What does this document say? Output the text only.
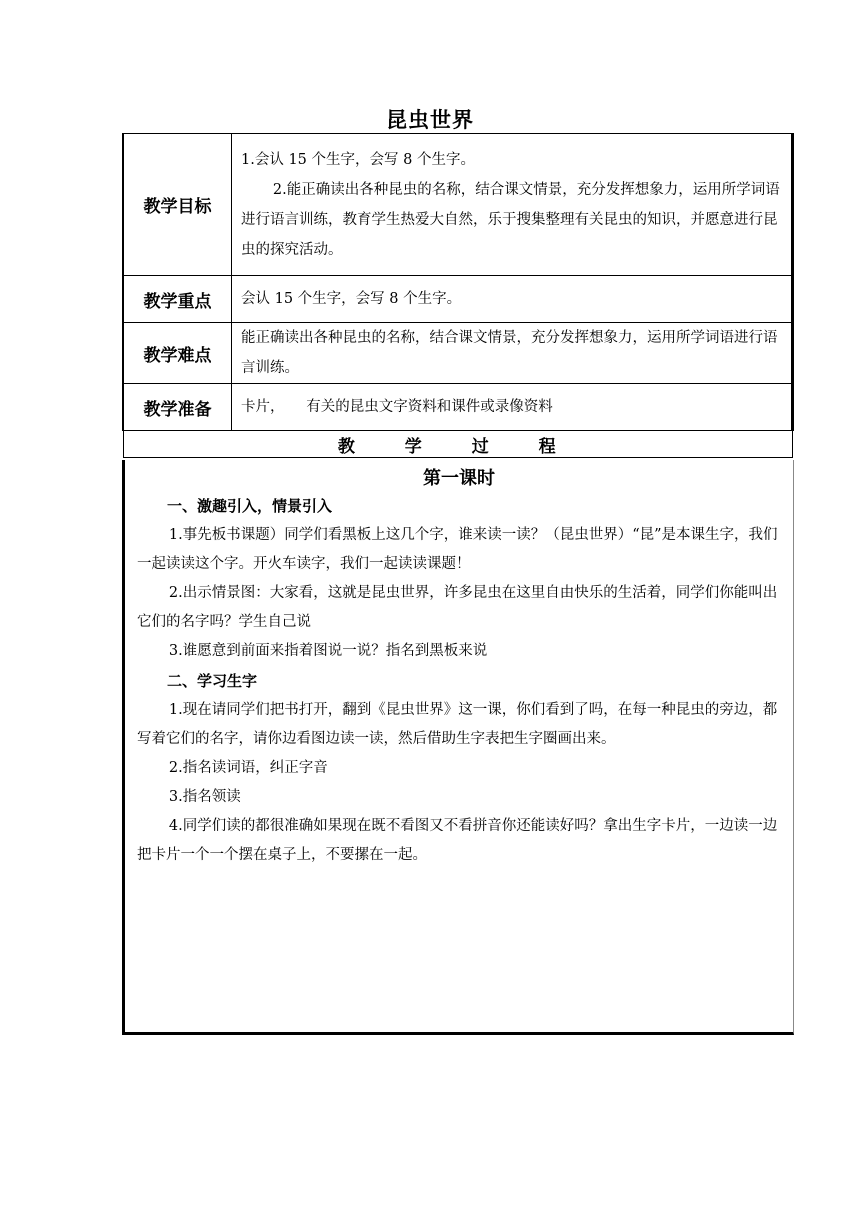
昆虫世界
教学目标	1.会认 15 个生字，会写 8 个生字。
2.能正确读出各种昆虫的名称，结合课文情景，充分发挥想象力，运用所学词语进行语言训练，教育学生热爱大自然，乐于搜集整理有关昆虫的知识，并愿意进行昆虫的探究活动。

教学重点	会认 15 个生字，会写 8 个生字。
教学难点	能正确读出各种昆虫的名称，结合课文情景，充分发挥想象力，运用所学词语进行语言训练。
教学准备	卡片，　　有关的昆虫文字资料和课件或录像资料
教 学 过 程	
第一课时
一、激趣引入，情景引入
1.事先板书课题）同学们看黑板上这几个字，谁来读一读？（昆虫世界）“昆”是本课生字，我们一起读读这个字。开火车读字，我们一起读读课题！
2.出示情景图：大家看，这就是昆虫世界，许多昆虫在这里自由快乐的生活着，同学们你能叫出它们的名字吗？学生自己说
3.谁愿意到前面来指着图说一说？指名到黑板来说
二、学习生字
1.现在请同学们把书打开，翻到《昆虫世界》这一课，你们看到了吗，在每一种昆虫的旁边，都写着它们的名字，请你边看图边读一读，然后借助生字表把生字圈画出来。
2.指名读词语，纠正字音
3.指名领读
4.同学们读的都很准确如果现在既不看图又不看拼音你还能读好吗？拿出生字卡片，一边读一边把卡片一个一个摆在桌子上，不要摞在一起。
